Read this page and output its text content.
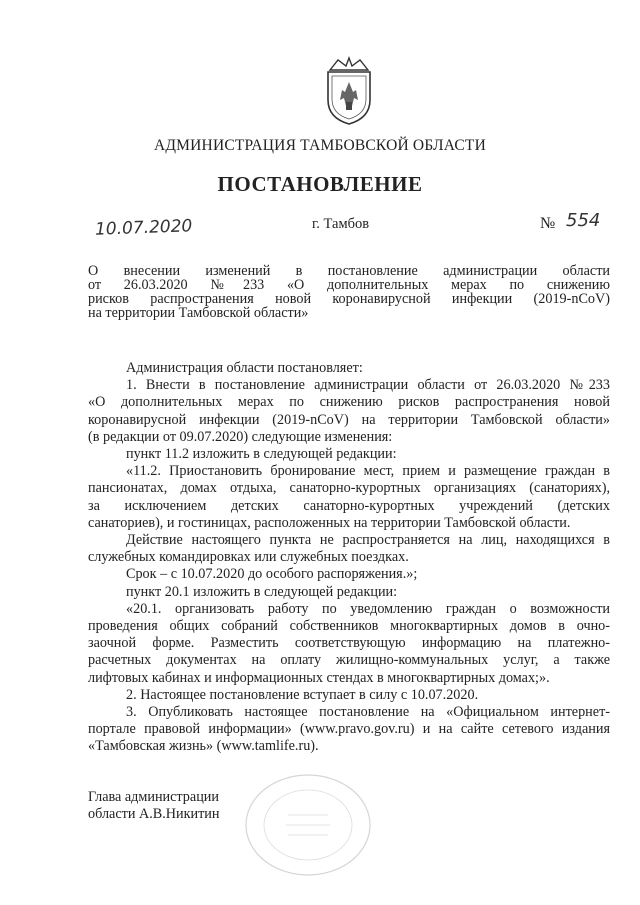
АДМИНИСТРАЦИЯ ТАМБОВСКОЙ ОБЛАСТИ
ПОСТАНОВЛЕНИЕ
10.07.2020	г. Тамбов	№ 554
О внесении изменений в постановление администрации области
от 26.03.2020 №233 «О дополнительных мерах по снижению
рисков распространения новой коронавирусной инфекции (2019-nCoV)
на территории Тамбовской области»
Администрация области постановляет:
1. Внести в постановление администрации области от 26.03.2020 №233
«О дополнительных мерах по снижению рисков распространения новой
коронавирусной инфекции (2019-nCoV) на территории Тамбовской области»
(в редакции от 09.07.2020) следующие изменения:
пункт 11.2 изложить в следующей редакции:
«11.2. Приостановить бронирование мест, прием и размещение граждан в
пансионатах, домах отдыха, санаторно-курортных организациях (санаториях),
за исключением детских санаторно-курортных учреждений (детских
санаториев), и гостиницах, расположенных на территории Тамбовской области.
Действие настоящего пункта не распространяется на лиц, находящихся в
служебных командировках или служебных поездках.
Срок – с 10.07.2020 до особого распоряжения.»;
пункт 20.1 изложить в следующей редакции:
«20.1. организовать работу по уведомлению граждан о возможности
проведения общих собраний собственников многоквартирных домов в очно-
заочной форме. Разместить соответствующую информацию на платежно-
расчетных документах на оплату жилищно-коммунальных услуг, а также
лифтовых кабинах и информационных стендах в многоквартирных домах;».
2. Настоящее постановление вступает в силу с 10.07.2020.
3. Опубликовать настоящее постановление на «Официальном интернет-
портале правовой информации» (www.pravo.gov.ru) и на сайте сетевого издания
«Тамбовская жизнь» (www.tamlife.ru).
Глава администрации
области А.В.Никитин
